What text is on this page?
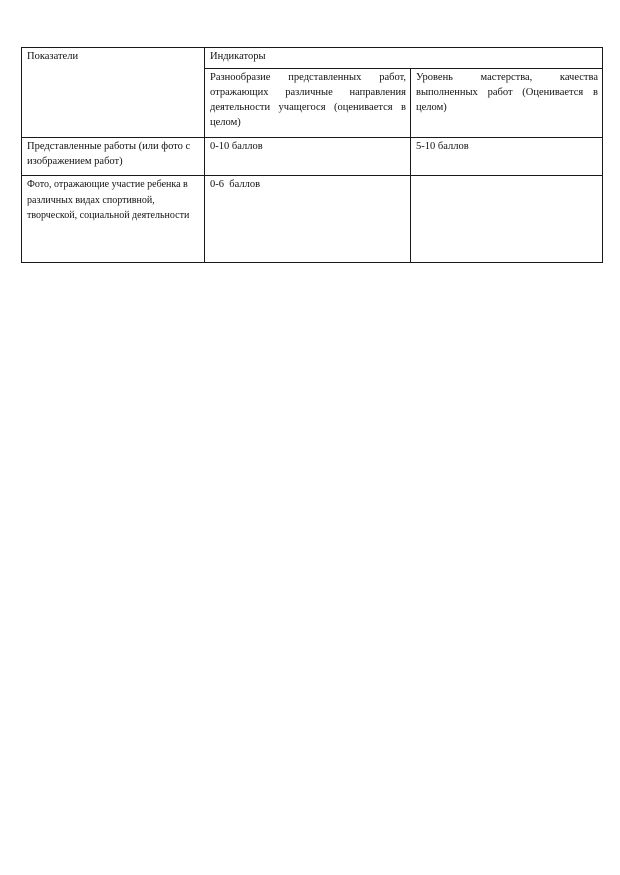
Показатели	Индикаторы	
	Разнообразие представленных работ, отражающих различные направления деятельности учащегося (оценивается в целом)	Уровень мастерства, качества выполненных работ (Оценивается в целом)
Представленные работы (или фото с изображением работ)	0-10 баллов	5-10 баллов
Фото, отражающие участие ребенка в различных видах спортивной, творческой, социальной деятельности	0-6  баллов	
